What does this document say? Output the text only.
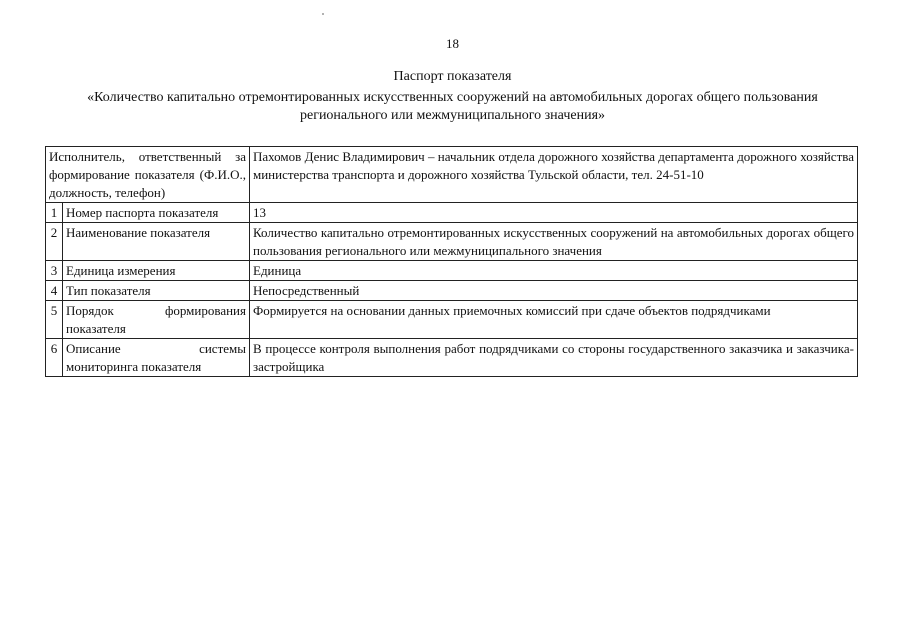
18
Паспорт показателя
«Количество капитально отремонтированных искусственных сооружений на автомобильных дорогах общего пользования регионального или межмуниципального значения»
Исполнитель, ответственный за формирование показателя (Ф.И.О., должность, телефон)		Пахомов Денис Владимирович – начальник отдела дорожного хозяйства департамента дорожного хозяйства министерства транспорта и дорожного хозяйства Тульской области, тел. 24-51-10
1	Номер паспорта показателя	13
2	Наименование показателя	Количество капитально отремонтированных искусственных сооружений на автомобильных дорогах общего пользования регионального или межмуниципального значения
3	Единица измерения	Единица
4	Тип показателя	Непосредственный
5	Порядок формирования показателя	Формируется на основании данных приемочных комиссий при сдаче объектов подрядчиками
6	Описание системы мониторинга показателя	В процессе контроля выполнения работ подрядчиками со стороны государственного заказчика и заказчика-застройщика
